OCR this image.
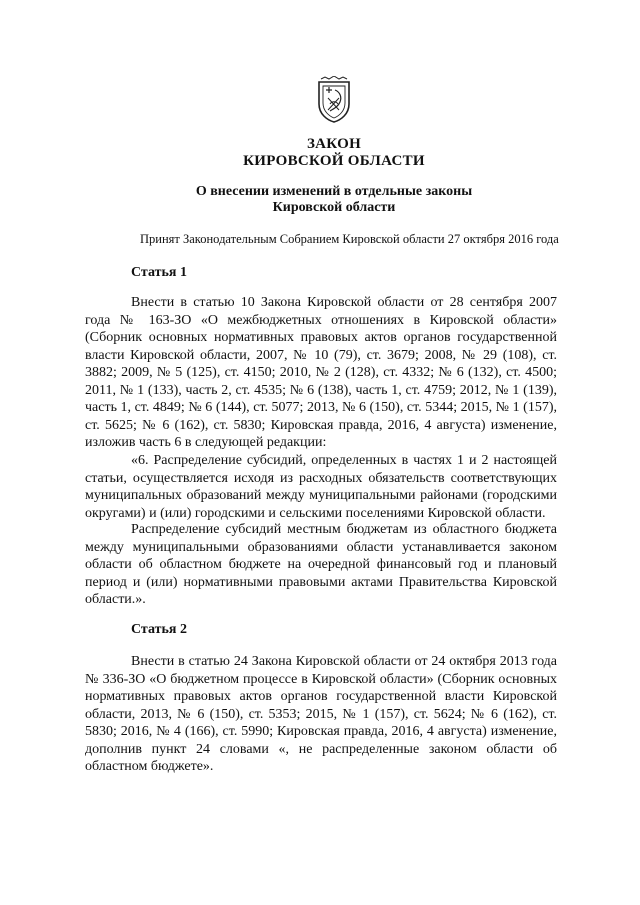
ЗАКОН
КИРОВСКОЙ ОБЛАСТИ
О внесении изменений в отдельные законы
Кировской области
Принят Законодательным Собранием Кировской области 27 октября 2016 года
Статья 1

Внести в статью 10 Закона Кировской области от 28 сентября 2007 года № 163-ЗО «О межбюджетных отношениях в Кировской области» (Сборник основных нормативных правовых актов органов государственной власти Кировской области, 2007, № 10 (79), ст. 3679; 2008, № 29 (108), ст. 3882; 2009, № 5 (125), ст. 4150; 2010, № 2 (128), ст. 4332; № 6 (132), ст. 4500; 2011, № 1 (133), часть 2, ст. 4535; № 6 (138), часть 1, ст. 4759; 2012, № 1 (139), часть 1, ст. 4849; № 6 (144), ст. 5077; 2013, № 6 (150), ст. 5344; 2015, № 1 (157), ст. 5625; № 6 (162), ст. 5830; Кировская правда, 2016, 4 августа) изменение, изложив часть 6 в следующей редакции:

«6. Распределение субсидий, определенных в частях 1 и 2 настоящей статьи, осуществляется исходя из расходных обязательств соответствующих муниципальных образований между муниципальными районами (городскими округами) и (или) городскими и сельскими поселениями Кировской области.

Распределение субсидий местным бюджетам из областного бюджета между муниципальными образованиями области устанавливается законом области об областном бюджете на очередной финансовый год и плановый период и (или) нормативными правовыми актами Правительства Кировской области.».

Статья 2

Внести в статью 24 Закона Кировской области от 24 октября 2013 года № 336-ЗО «О бюджетном процессе в Кировской области» (Сборник основных нормативных правовых актов органов государственной власти Кировской области, 2013, № 6 (150), ст. 5353; 2015, № 1 (157), ст. 5624; № 6 (162), ст. 5830; 2016, № 4 (166), ст. 5990; Кировская правда, 2016, 4 августа) изменение, дополнив пункт 24 словами «, не распределенные законом области об областном бюджете».
